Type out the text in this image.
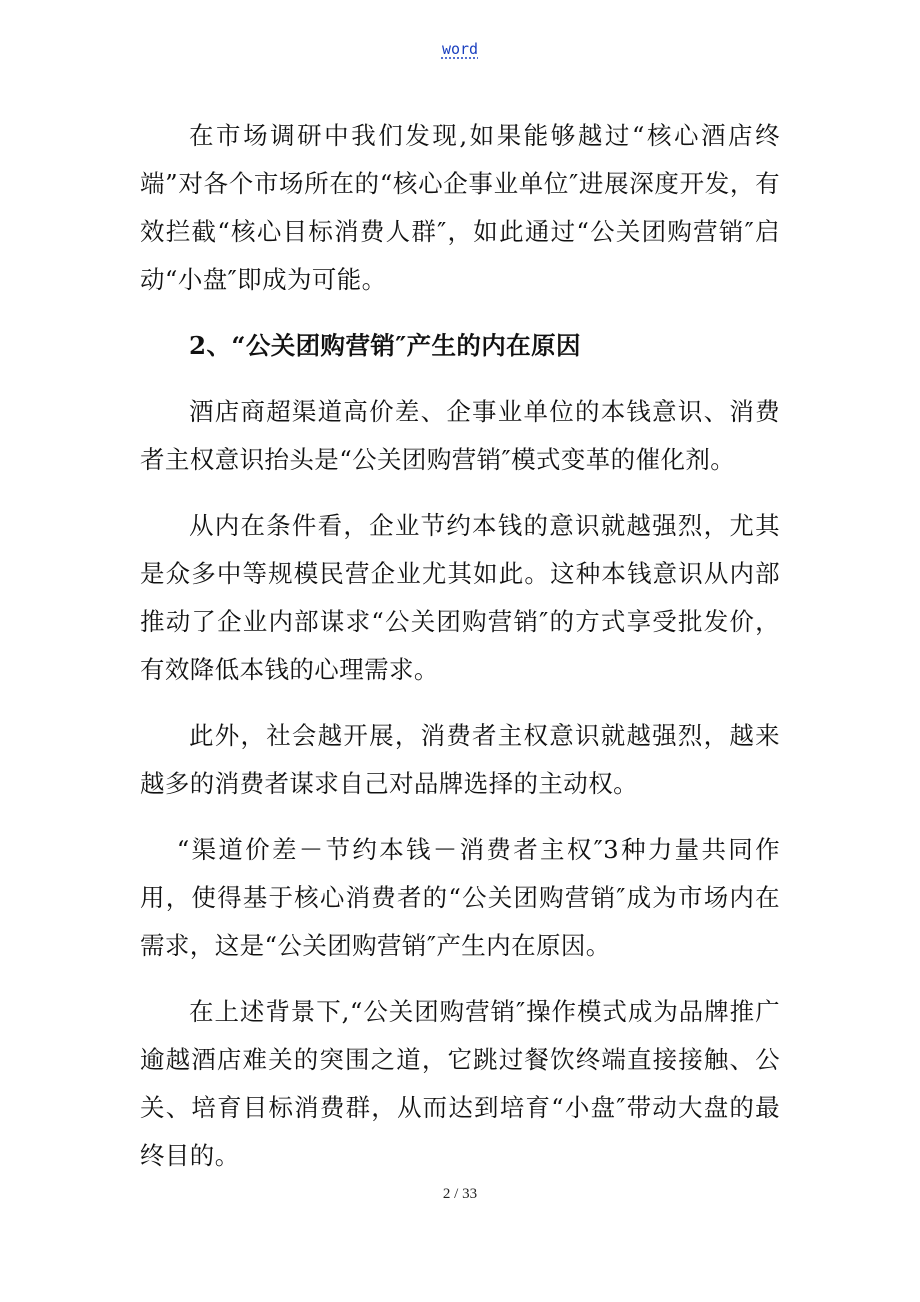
word

在市场调研中我们发现,如果能够越过“核心酒店终端”对各个市场所在的“核心企事业单位″进展深度开发，有效拦截“核心目标消费人群″，如此通过“公关团购营销″启动“小盘″即成为可能。

2、“公关团购营销″产生的内在原因

酒店商超渠道高价差、企事业单位的本钱意识、消费者主权意识抬头是“公关团购营销″模式变革的催化剂。

从内在条件看，企业节约本钱的意识就越强烈，尤其是众多中等规模民营企业尤其如此。这种本钱意识从内部推动了企业内部谋求“公关团购营销″的方式享受批发价，有效降低本钱的心理需求。

此外，社会越开展，消费者主权意识就越强烈，越来越多的消费者谋求自己对品牌选择的主动权。

“渠道价差－节约本钱－消费者主权″3种力量共同作用，使得基于核心消费者的“公关团购营销″成为市场内在需求，这是“公关团购营销″产生内在原因。

在上述背景下,“公关团购营销″操作模式成为品牌推广逾越酒店难关的突围之道，它跳过餐饮终端直接接触、公关、培育目标消费群，从而达到培育“小盘″带动大盘的最终目的。

2 / 33
